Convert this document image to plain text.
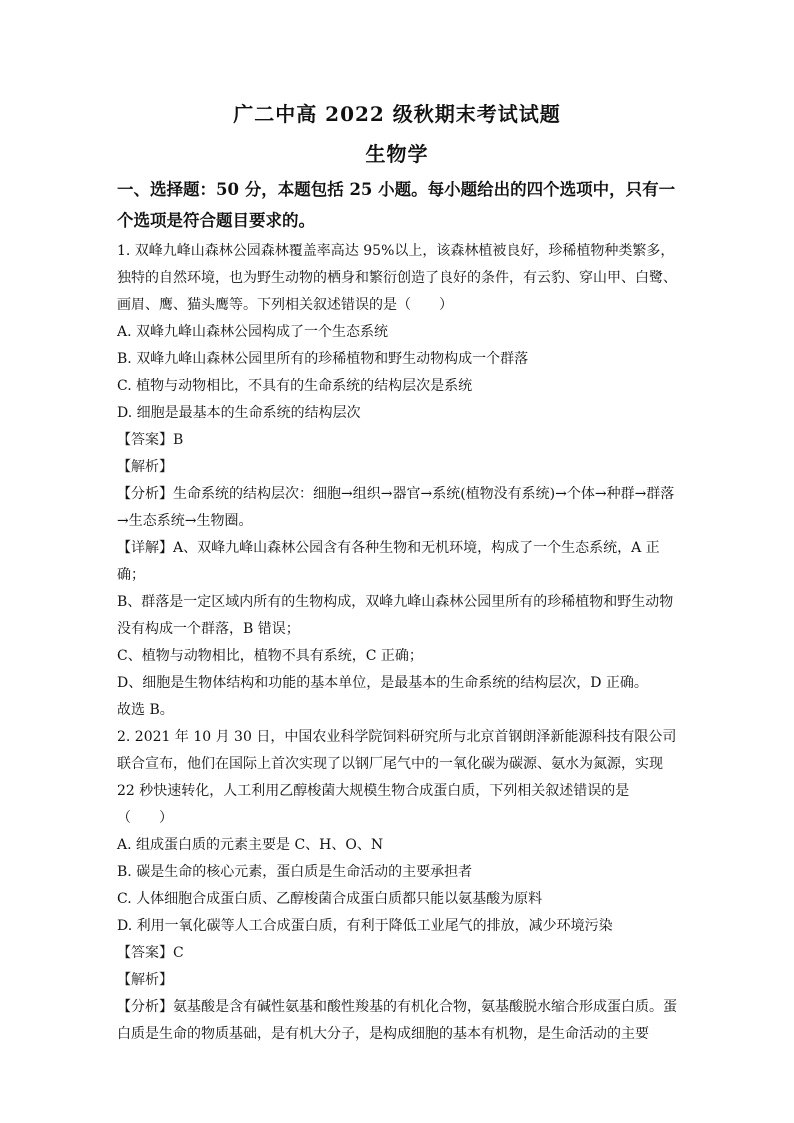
广二中高 2022 级秋期末考试试题
生物学
一、选择题：50 分，本题包括 25 小题。每小题给出的四个选项中，只有一个选项是符合题目要求的。

1. 双峰九峰山森林公园森林覆盖率高达 95%以上，该森林植被良好，珍稀植物种类繁多，独特的自然环境，也为野生动物的栖身和繁衍创造了良好的条件，有云豹、穿山甲、白鹭、画眉、鹰、猫头鹰等。下列相关叙述错误的是（　　）

A. 双峰九峰山森林公园构成了一个生态系统

B. 双峰九峰山森林公园里所有的珍稀植物和野生动物构成一个群落

C. 植物与动物相比，不具有的生命系统的结构层次是系统

D. 细胞是最基本的生命系统的结构层次

【答案】B

【解析】

【分析】生命系统的结构层次：细胞→组织→器官→系统(植物没有系统)→个体→种群→群落→生态系统→生物圈。

【详解】A、双峰九峰山森林公园含有各种生物和无机环境，构成了一个生态系统，A 正确；

B、群落是一定区域内所有的生物构成，双峰九峰山森林公园里所有的珍稀植物和野生动物没有构成一个群落，B 错误；

C、植物与动物相比，植物不具有系统，C 正确；

D、细胞是生物体结构和功能的基本单位，是最基本的生命系统的结构层次，D 正确。

故选 B。

2. 2021 年 10 月 30 日，中国农业科学院饲料研究所与北京首钢朗泽新能源科技有限公司联合宣布，他们在国际上首次实现了以钢厂尾气中的一氧化碳为碳源、氨水为氮源，实现 22 秒快速转化，人工利用乙醇梭菌大规模生物合成蛋白质，下列相关叙述错误的是（　　）

A. 组成蛋白质的元素主要是 C、H、O、N

B. 碳是生命的核心元素，蛋白质是生命活动的主要承担者

C. 人体细胞合成蛋白质、乙醇梭菌合成蛋白质都只能以氨基酸为原料

D. 利用一氧化碳等人工合成蛋白质，有利于降低工业尾气的排放，减少环境污染

【答案】C

【解析】

【分析】氨基酸是含有碱性氨基和酸性羧基的有机化合物，氨基酸脱水缩合形成蛋白质。蛋白质是生命的物质基础，是有机大分子，是构成细胞的基本有机物，是生命活动的主要
